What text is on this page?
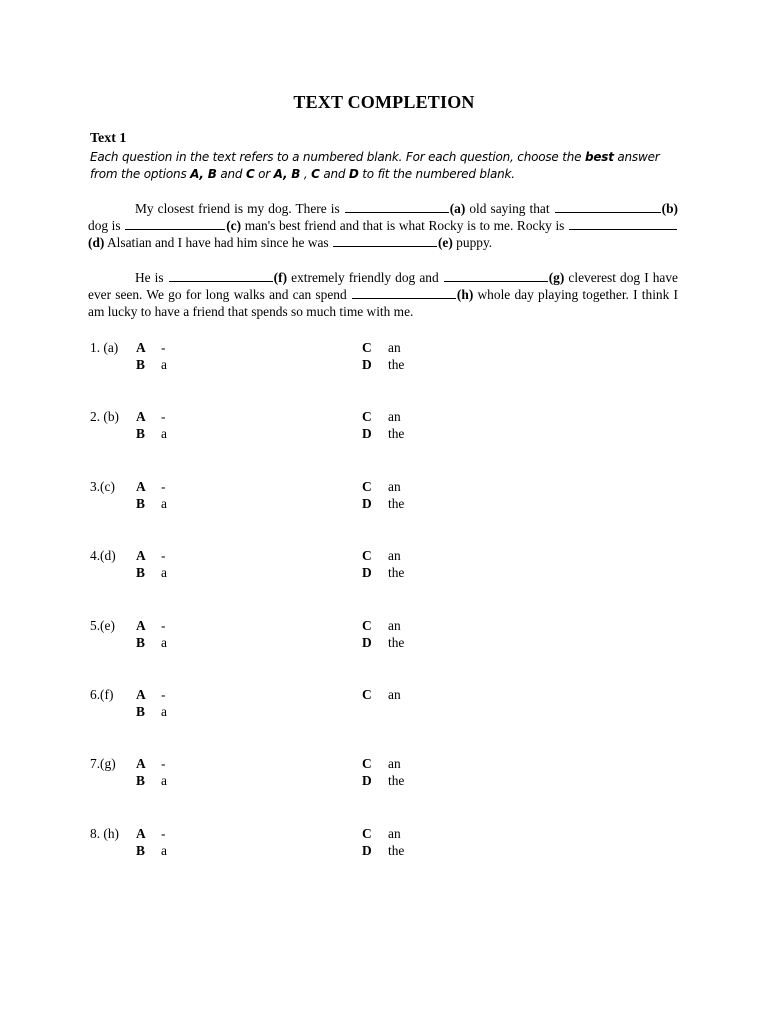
TEXT COMPLETION
Text 1
Each question in the text refers to a numbered blank. For each question, choose the best answer from the options A, B and C or A, B , C and D to fit the numbered blank.
My closest friend is my dog. There is	(a) old saying that	(b) dog is	(c) man's best friend and that is what Rocky is to me. Rocky is (d) Alsatian and I have had him since he was	(e) puppy.
He is	(f) extremely friendly dog and	(g) cleverest dog I have ever seen. We go for long walks and can spend	(h) whole day playing together. I think I am lucky to have a friend that spends so much time with me.
1. (a) A -
B a
C an
D the
2. (b) A -
B a
C an
D the
3.(c) A -
B a
C an
D the
4.(d) A -
B a
C an
D the
5.(e) A -
B a
C an
D the
6.(f) A -
B a
C an
7.(g) A -
B a
C an
D the
8. (h) A -
B a
C an
D the
